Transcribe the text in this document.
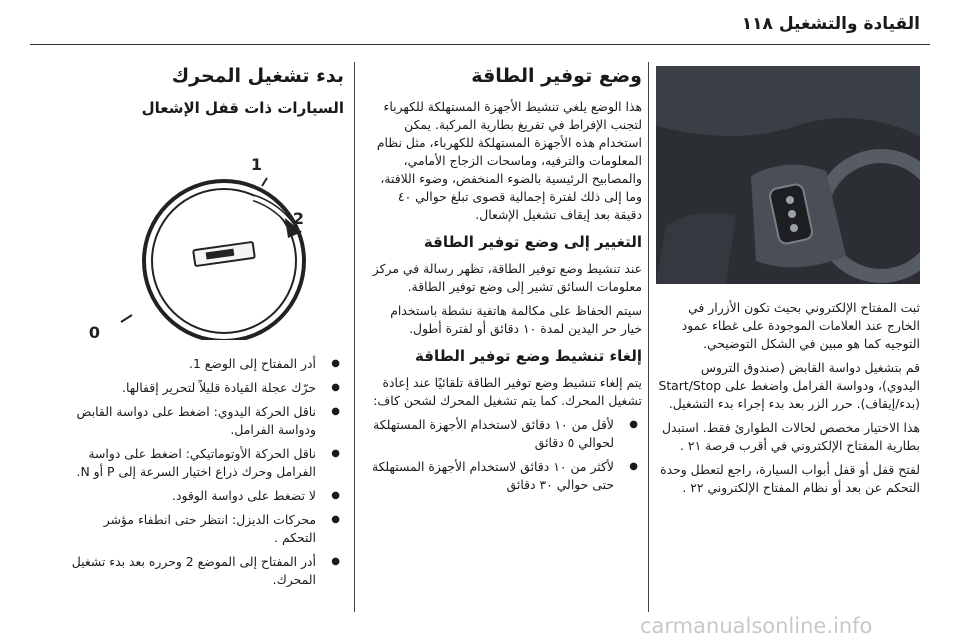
القيادة والتشغيل ١١٨
بدء تشغيل المحرك
السيارات ذات قفل الإشعال
1
2
0
● أدر المفتاح إلى الوضع 1.
● حرّك عجلة القيادة قليلاً لتحرير إقفالها.
● ناقل الحركة اليدوي: اضغط على دواسة القابض ودواسة الفرامل.
● ناقل الحركة الأوتوماتيكي: اضغط على دواسة الفرامل وحرك ذراع اختيار السرعة إلى P أو N.
● لا تضغط على دواسة الوقود.
● محركات الديزل: انتظر حتى انطفاء مؤشر التحكم .
● أدر المفتاح إلى الموضع 2 وحرره بعد بدء تشغيل المحرك.
وضع توفير الطاقة

هذا الوضع يلغي تنشيط الأجهزة المستهلكة للكهرباء لتجنب الإفراط في تفريغ بطارية المركبة. يمكن استخدام هذه الأجهزة المستهلكة للكهرباء، مثل نظام المعلومات والترفيه، وماسحات الزجاج الأمامي، والمصابيح الرئيسية بالضوء المنخفض، وضوء اللافتة، وما إلى ذلك لفترة إجمالية قصوى تبلغ حوالي ٤٠ دقيقة بعد إيقاف تشغيل الإشعال.

التغيير إلى وضع توفير الطاقة

عند تنشيط وضع توفير الطاقة، تظهر رسالة في مركز معلومات السائق تشير إلى وضع توفير الطاقة.

سيتم الحفاظ على مكالمة هاتفية نشطة باستخدام خيار حر اليدين لمدة ١٠ دقائق أو لفترة أطول.

إلغاء تنشيط وضع توفير الطاقة

يتم إلغاء تنشيط وضع توفير الطاقة تلقائيًا عند إعادة تشغيل المحرك. كما يتم تشغيل المحرك لشحن كاف:

● لأقل من ١٠ دقائق لاستخدام الأجهزة المستهلكة لحوالي ٥ دقائق
● لأكثر من ١٠ دقائق لاستخدام الأجهزة المستهلكة حتى حوالي ٣٠ دقائق

ثبت المفتاح الإلكتروني بحيث تكون الأزرار في الخارج عند العلامات الموجودة على غطاء عمود التوجيه كما هو مبين في الشكل التوضيحي.

قم بتشغيل دواسة القابض (صندوق التروس اليدوي)، ودواسة الفرامل واضغط على Start/Stop (بدء/إيقاف). حرر الزر بعد بدء إجراء بدء التشغيل.

هذا الاختيار مخصص لحالات الطوارئ فقط. استبدل بطارية المفتاح الإلكتروني في أقرب فرصة ٢١ .

لفتح قفل أو قفل أبواب السيارة، راجع لتعطل وحدة التحكم عن بعد أو نظام المفتاح الإلكتروني ٢٢ .

carmanualsonline.info
